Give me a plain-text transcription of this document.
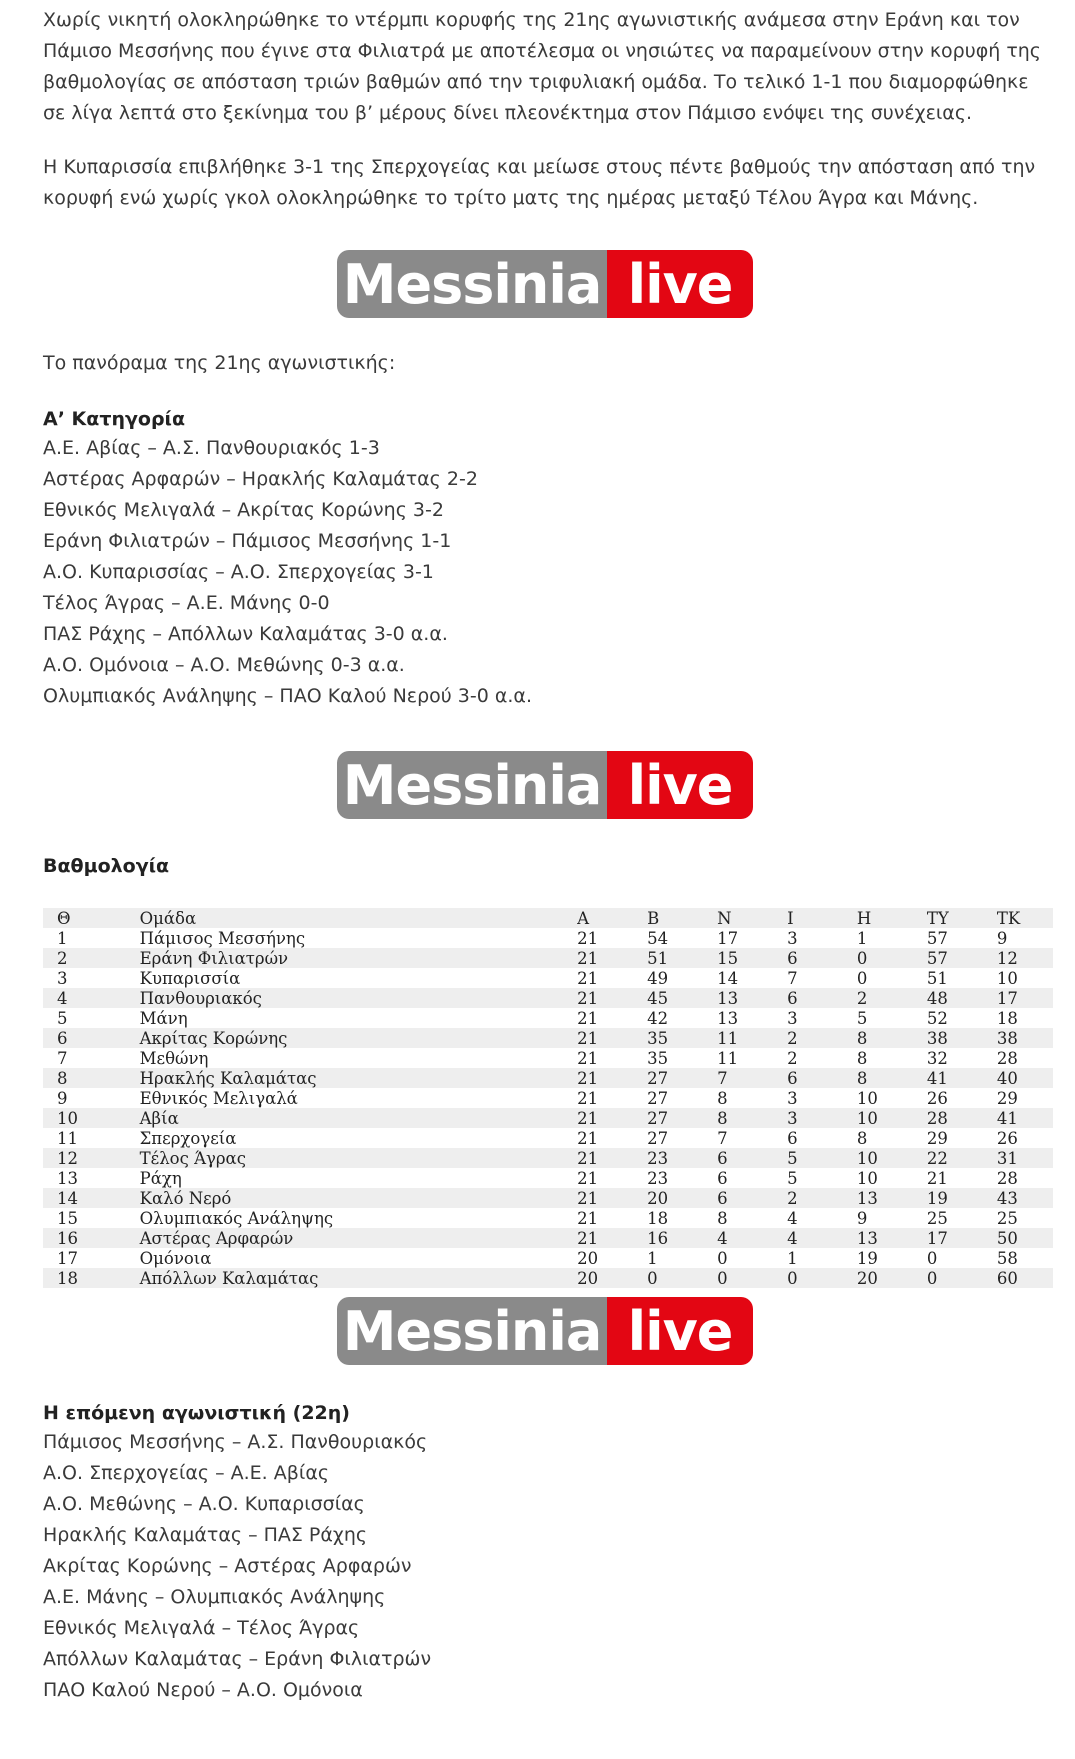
Χωρίς νικητή ολοκληρώθηκε το ντέρμπι κορυφής της 21ης αγωνιστικής ανάμεσα στην Εράνη και τον Πάμισο Μεσσήνης που έγινε στα Φιλιατρά με αποτέλεσμα οι νησιώτες να παραμείνουν στην κορυφή της βαθμολογίας σε απόσταση τριών βαθμών από την τριφυλιακή ομάδα. Το τελικό 1-1 που διαμορφώθηκε σε λίγα λεπτά στο ξεκίνημα του β’ μέρους δίνει πλεονέκτημα στον Πάμισο ενόψει της συνέχειας.

Η Κυπαρισσία επιβλήθηκε 3-1 της Σπερχογείας και μείωσε στους πέντε βαθμούς την απόσταση από την κορυφή ενώ χωρίς γκολ ολοκληρώθηκε το τρίτο ματς της ημέρας μεταξύ Τέλου Άγρα και Μάνης.

Messinia live
Το πανόραμα της 21ης αγωνιστικής:

Α’ Κατηγορία

Α.Ε. Αβίας – Α.Σ. Πανθουριακός 1-3
Αστέρας Αρφαρών – Ηρακλής Καλαμάτας 2-2
Εθνικός Μελιγαλά – Ακρίτας Κορώνης 3-2
Εράνη Φιλιατρών – Πάμισος Μεσσήνης 1-1
Α.Ο. Κυπαρισσίας – Α.Ο. Σπερχογείας 3-1
Τέλος Άγρας – Α.Ε. Μάνης 0-0
ΠΑΣ Ράχης – Απόλλων Καλαμάτας 3-0 α.α.
Α.Ο. Ομόνοια – Α.Ο. Μεθώνης 0-3 α.α.
Ολυμπιακός Ανάληψης – ΠΑΟ Καλού Νερού 3-0 α.α.
Messinia live

Βαθμολογία

Θ	Ομάδα	Α	Β	Ν	Ι	Η	ΤΥ	ΤΚ
1	Πάμισος Μεσσήνης	21	54	17	3	1	57	9
2	Εράνη Φιλιατρών	21	51	15	6	0	57	12
3	Κυπαρισσία	21	49	14	7	0	51	10
4	Πανθουριακός	21	45	13	6	2	48	17
5	Μάνη	21	42	13	3	5	52	18
6	Ακρίτας Κορώνης	21	35	11	2	8	38	38
7	Μεθώνη	21	35	11	2	8	32	28
8	Ηρακλής Καλαμάτας	21	27	7	6	8	41	40
9	Εθνικός Μελιγαλά	21	27	8	3	10	26	29
10	Αβία	21	27	8	3	10	28	41
11	Σπερχογεία	21	27	7	6	8	29	26
12	Τέλος Άγρας	21	23	6	5	10	22	31
13	Ράχη	21	23	6	5	10	21	28
14	Καλό Νερό	21	20	6	2	13	19	43
15	Ολυμπιακός Ανάληψης	21	18	8	4	9	25	25
16	Αστέρας Αρφαρών	21	16	4	4	13	17	50
17	Ομόνοια	20	1	0	1	19	0	58
18	Απόλλων Καλαμάτας	20	0	0	0	20	0	60
Messinia live

Η επόμενη αγωνιστική (22η)

Πάμισος Μεσσήνης – Α.Σ. Πανθουριακός
Α.Ο. Σπερχογείας – Α.Ε. Αβίας
Α.Ο. Μεθώνης – Α.Ο. Κυπαρισσίας
Ηρακλής Καλαμάτας – ΠΑΣ Ράχης
Ακρίτας Κορώνης – Αστέρας Αρφαρών
Α.Ε. Μάνης – Ολυμπιακός Ανάληψης
Εθνικός Μελιγαλά – Τέλος Άγρας
Απόλλων Καλαμάτας – Εράνη Φιλιατρών
ΠΑΟ Καλού Νερού – Α.Ο. Ομόνοια
